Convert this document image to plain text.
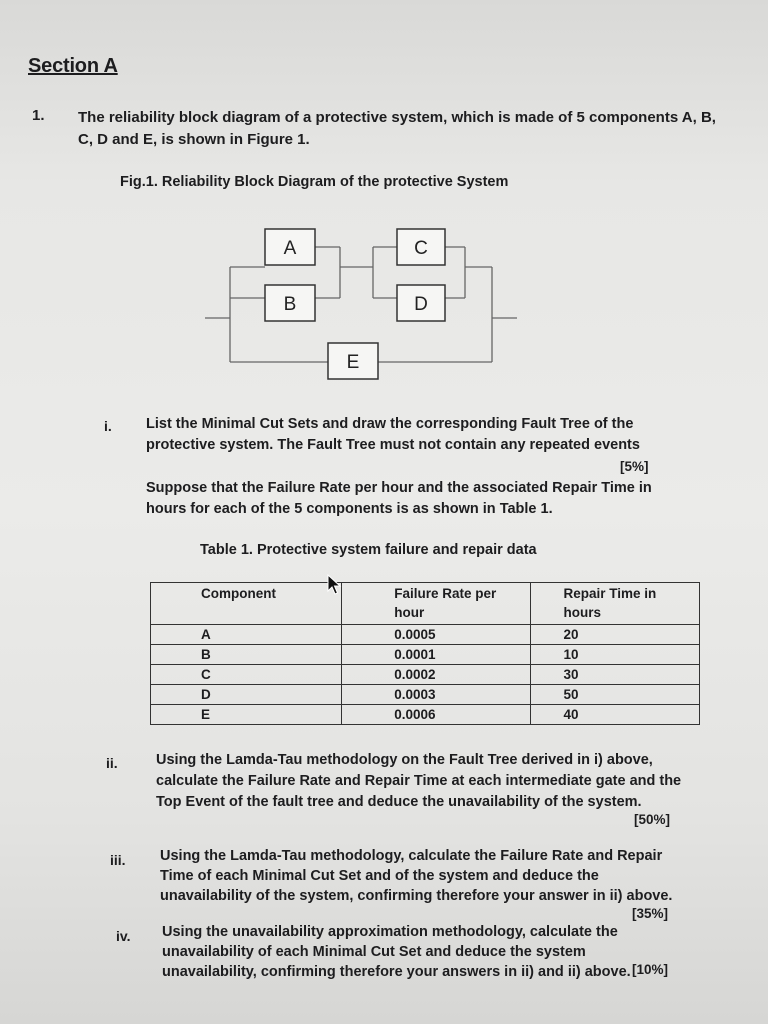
Section A
1. The reliability block diagram of a protective system, which is made of 5 components A, B, C, D and E, is shown in Figure 1.
Fig.1. Reliability Block Diagram of the protective System
A
B
C
D
E
i. List the Minimal Cut Sets and draw the corresponding Fault Tree of the protective system. The Fault Tree must not contain any repeated events
[5%]
Suppose that the Failure Rate per hour and the associated Repair Time in hours for each of the 5 components is as shown in Table 1.
Table 1. Protective system failure and repair data
Component	Failure Rate per hour	Repair Time in hours
A	0.0005	20
B	0.0001	10
C	0.0002	30
D	0.0003	50
E	0.0006	40
ii.	Using the Lamda-Tau methodology on the Fault Tree derived in i) above, calculate the Failure Rate and Repair Time at each intermediate gate and the Top Event of the fault tree and deduce the unavailability of the system.
[50%]
iii. Using the Lamda-Tau methodology, calculate the Failure Rate and Repair Time of each Minimal Cut Set and of the system and deduce the unavailability of the system, confirming therefore your answer in ii) above.
[35%]
iv. Using the unavailability approximation methodology, calculate the unavailability of each Minimal Cut Set and deduce the system unavailability, confirming therefore your answers in ii) and ii) above. [10%]
